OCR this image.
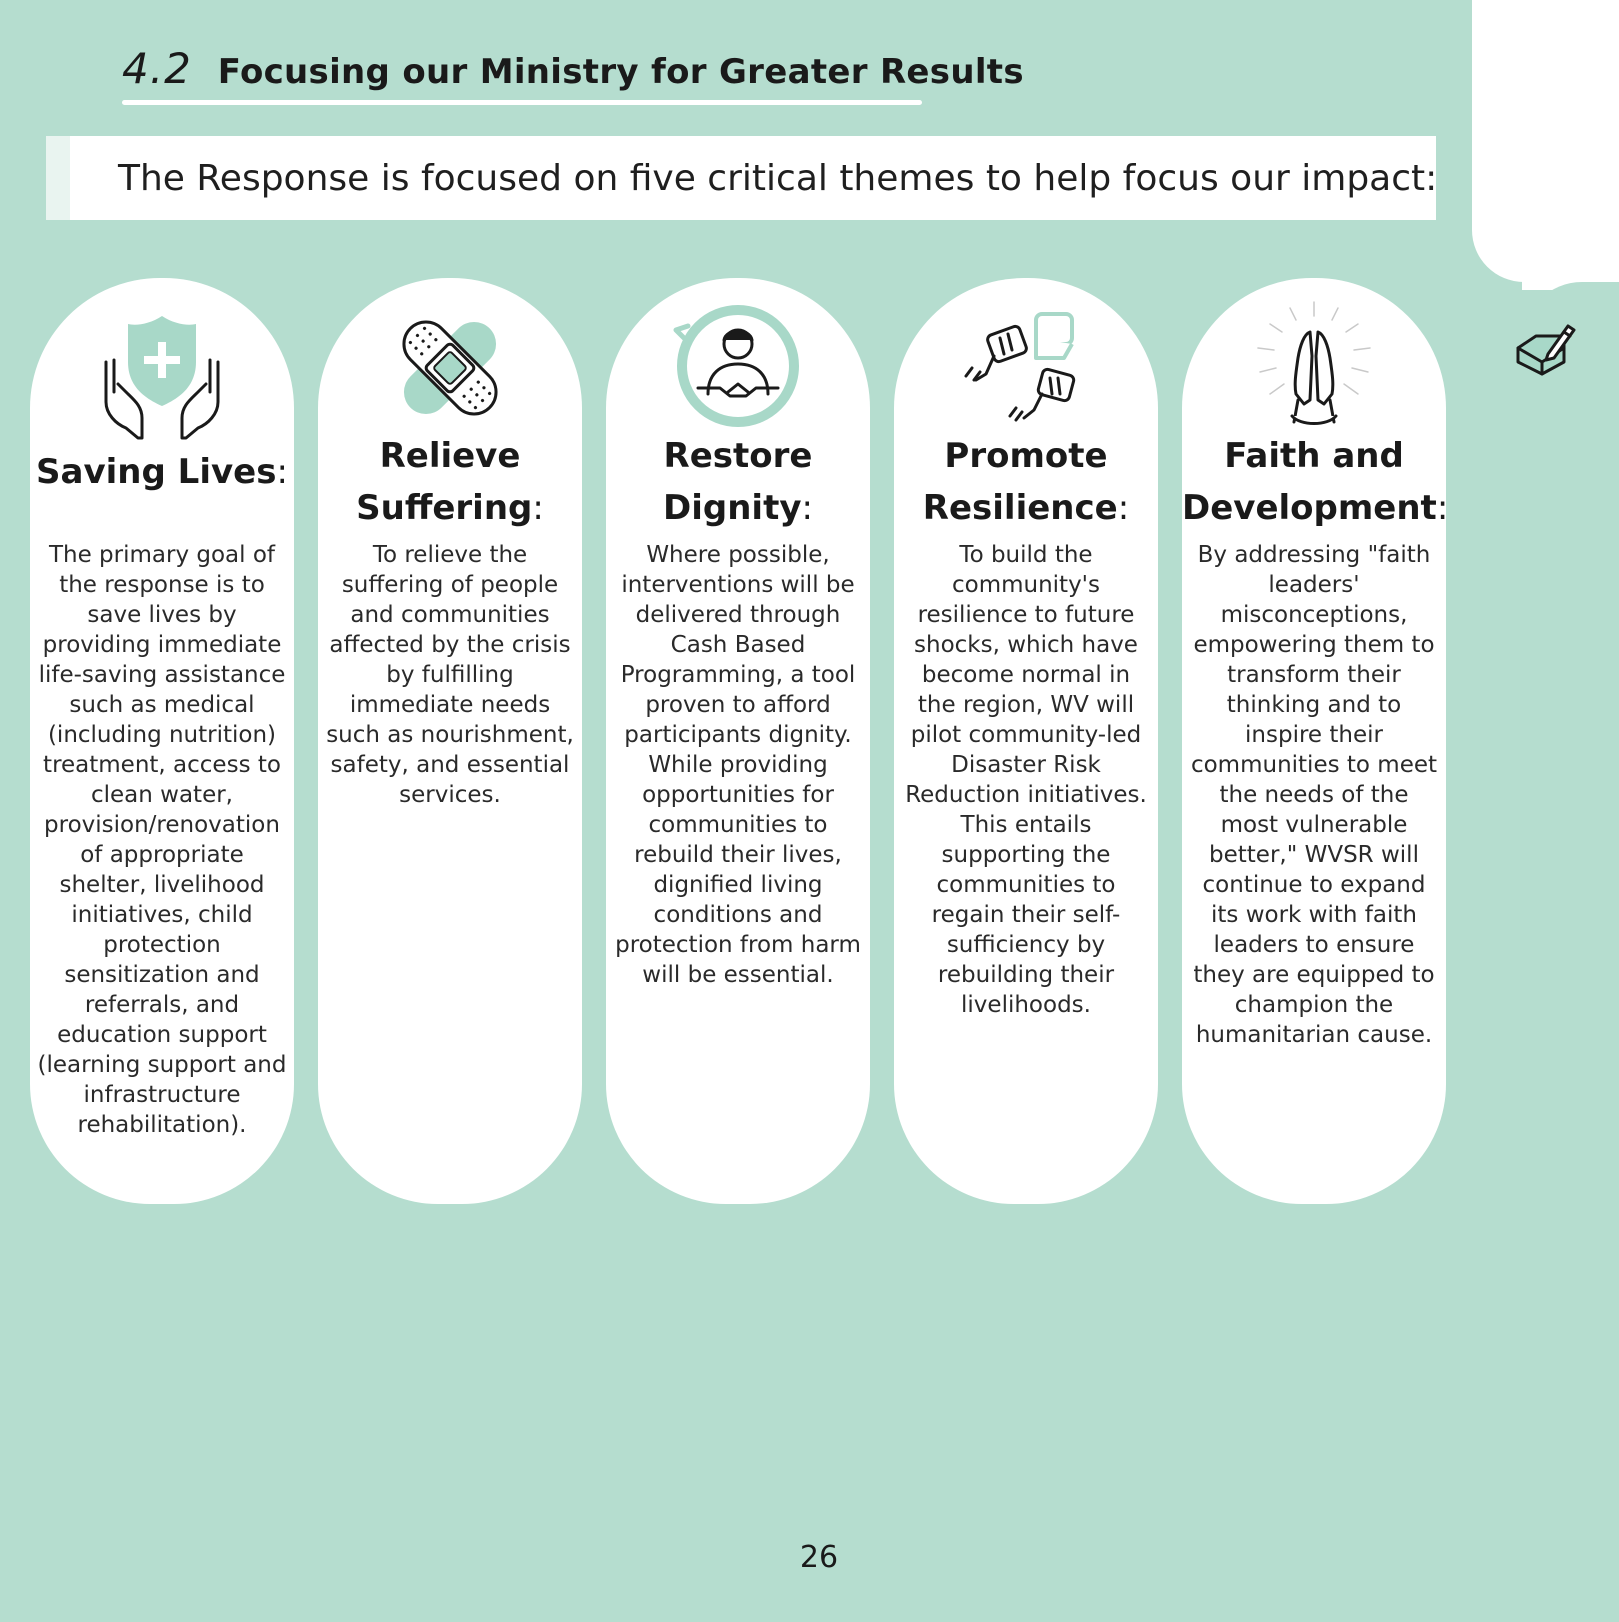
4.2 Focusing our Ministry for Greater Results
The Response is focused on five critical themes to help focus our impact:
Saving Lives:
The primary goal of the response is to save lives by providing immediate life-saving assistance such as medical (including nutrition) treatment, access to clean water, provision/renovation of appropriate shelter, livelihood initiatives, child protection sensitization and referrals, and education support (learning support and infrastructure rehabilitation).
Relieve
Suffering:
To relieve the suffering of people and communities affected by the crisis by fulfilling immediate needs such as nourishment, safety, and essential services.
Restore
Dignity:
Where possible, interventions will be delivered through Cash Based Programming, a tool proven to afford participants dignity. While providing opportunities for communities to rebuild their lives, dignified living conditions and protection from harm will be essential.
Promote
Resilience:
To build the community's resilience to future shocks, which have become normal in the region, WV will pilot community-led Disaster Risk Reduction initiatives. This entails supporting the communities to regain their self-sufficiency by rebuilding their livelihoods.
Faith and
Development:
By addressing "faith leaders' misconceptions, empowering them to transform their thinking and to inspire their communities to meet the needs of the most vulnerable better," WVSR will continue to expand its work with faith leaders to ensure they are equipped to champion the humanitarian cause.
26
